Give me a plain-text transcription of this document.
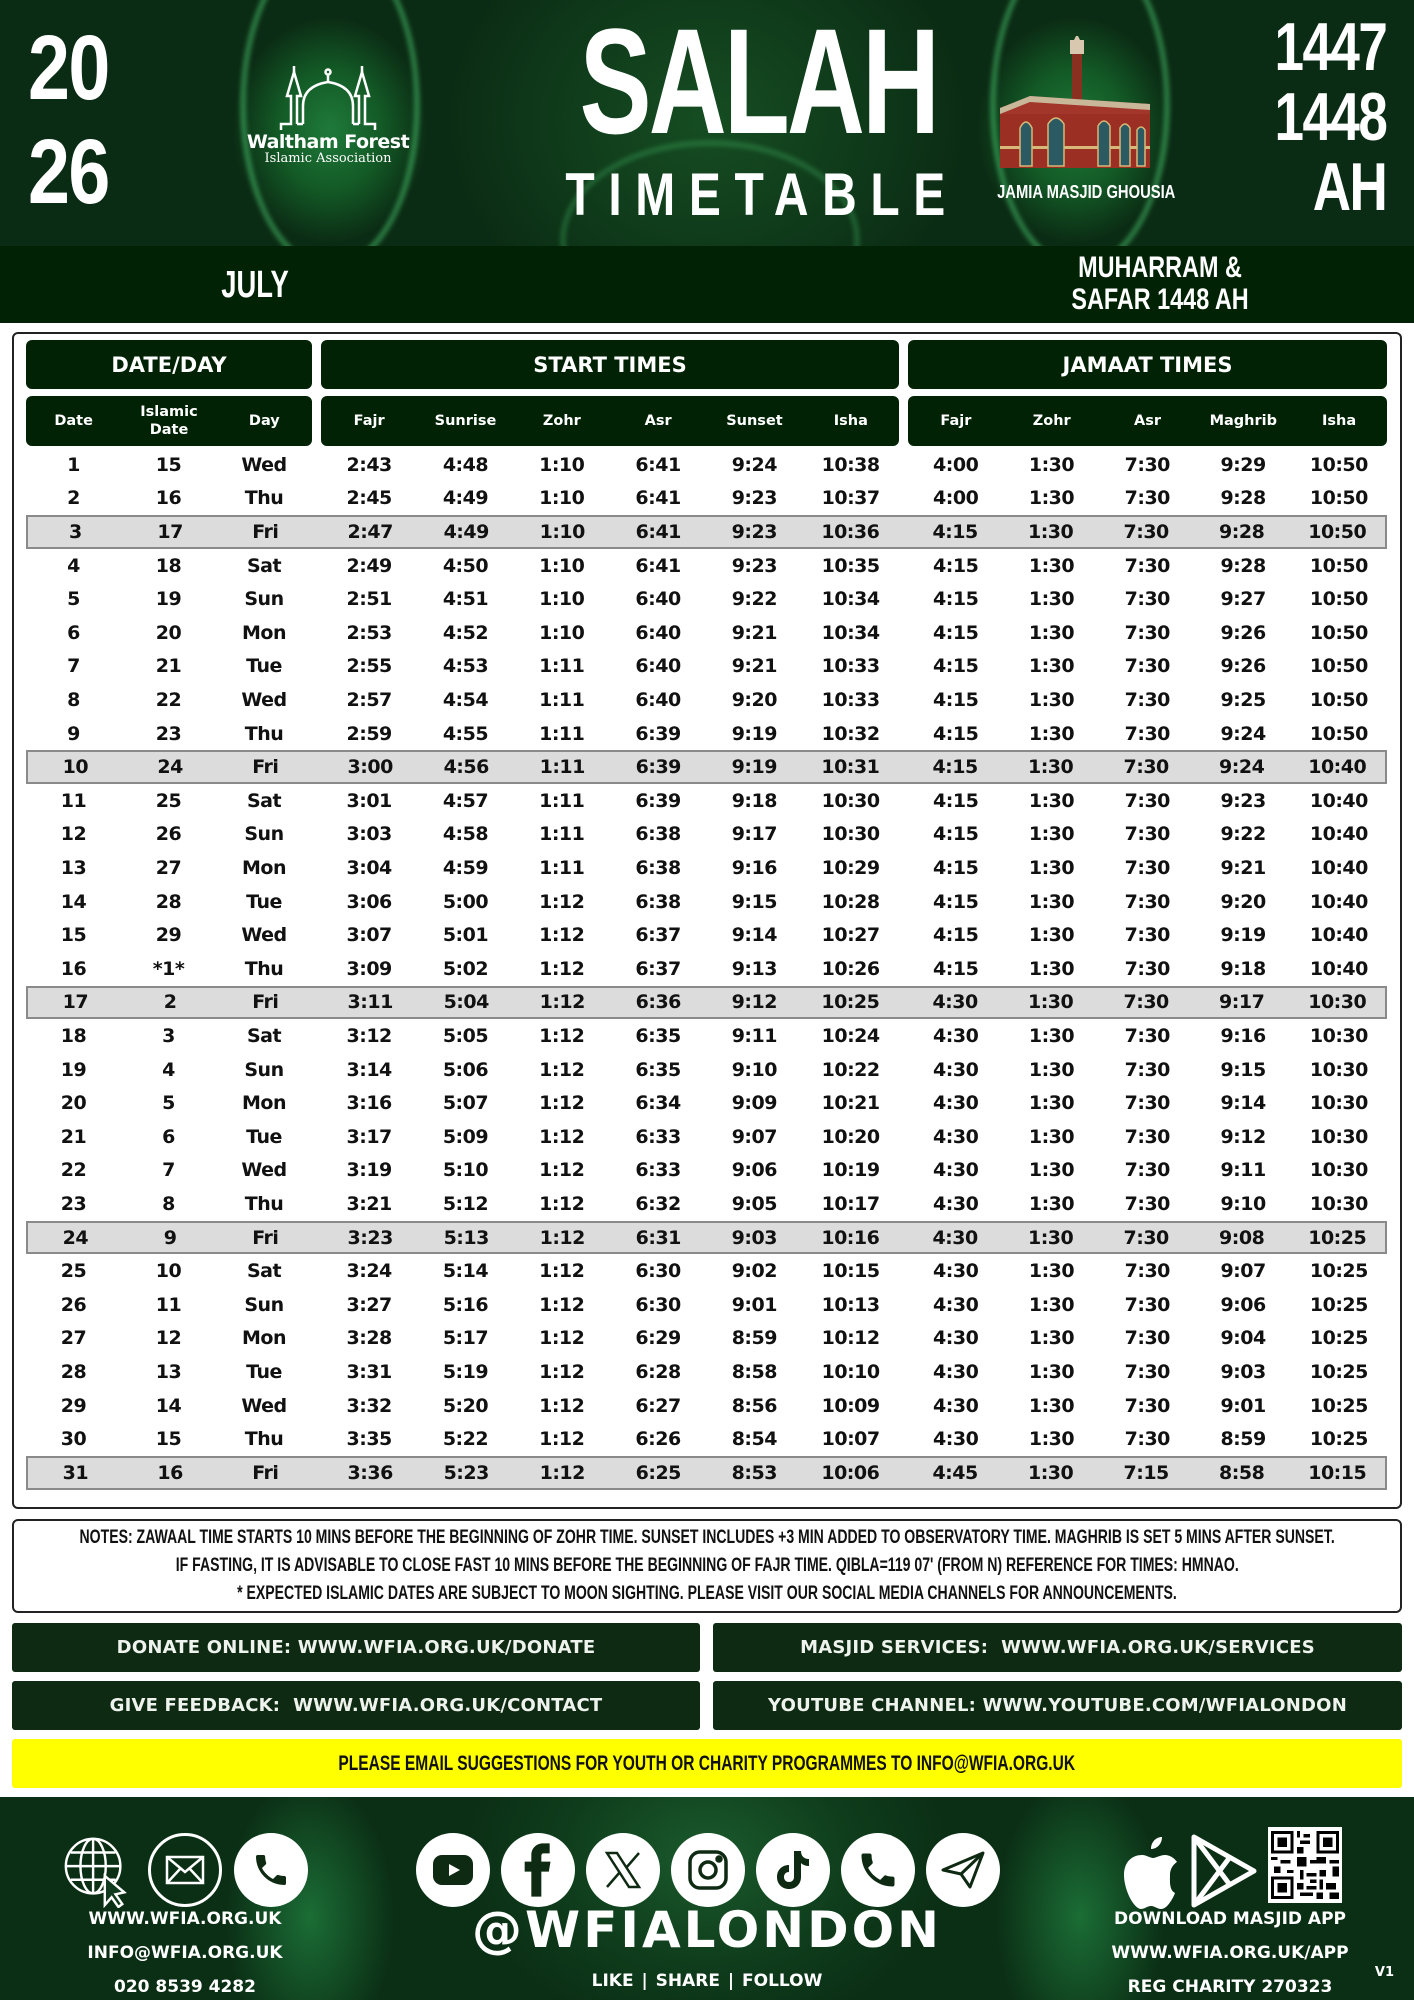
20
26	Waltham Forest
Islamic Association SALAH
TIMETABLE JAMIA MASJID GHOUSIA
1447
1448
AH
JULY	MUHARRAM &
SAFAR 1448 AH
DATE/DAY	START TIMES	JAMAAT TIMES
Date
Islamic
Date
Day	Fajr	Sunrise	Zohr	Asr	Sunset	Isha	Fajr	Zohr	Asr	Maghrib	Isha
1	15	Wed	2:43	4:48	1:10	6:41	9:24	10:38	4:00	1:30	7:30	9:29	10:50
2	16	Thu	2:45	4:49	1:10	6:41	9:23	10:37	4:00	1:30	7:30	9:28	10:50
3	17	Fri	2:47	4:49	1:10	6:41	9:23	10:36	4:15	1:30	7:30	9:28	10:50
4	18	Sat	2:49	4:50	1:10	6:41	9:23	10:35	4:15	1:30	7:30	9:28	10:50
5	19	Sun	2:51	4:51	1:10	6:40	9:22	10:34	4:15	1:30	7:30	9:27	10:50
6	20	Mon	2:53	4:52	1:10	6:40	9:21	10:34	4:15	1:30	7:30	9:26	10:50
7	21	Tue	2:55	4:53	1:11	6:40	9:21	10:33	4:15	1:30	7:30	9:26	10:50
8	22	Wed	2:57	4:54	1:11	6:40	9:20	10:33	4:15	1:30	7:30	9:25	10:50
9	23	Thu	2:59	4:55	1:11	6:39	9:19	10:32	4:15	1:30	7:30	9:24	10:50
10	24	Fri	3:00	4:56	1:11	6:39	9:19	10:31	4:15	1:30	7:30	9:24	10:40
11	25	Sat	3:01	4:57	1:11	6:39	9:18	10:30	4:15	1:30	7:30	9:23	10:40
12	26	Sun	3:03	4:58	1:11	6:38	9:17	10:30	4:15	1:30	7:30	9:22	10:40
13	27	Mon	3:04	4:59	1:11	6:38	9:16	10:29	4:15	1:30	7:30	9:21	10:40
14	28	Tue	3:06	5:00	1:12	6:38	9:15	10:28	4:15	1:30	7:30	9:20	10:40
15	29	Wed	3:07	5:01	1:12	6:37	9:14	10:27	4:15	1:30	7:30	9:19	10:40
16	*1*	Thu	3:09	5:02	1:12	6:37	9:13	10:26	4:15	1:30	7:30	9:18	10:40
17	2	Fri	3:11	5:04	1:12	6:36	9:12	10:25	4:30	1:30	7:30	9:17	10:30
18	3	Sat	3:12	5:05	1:12	6:35	9:11	10:24	4:30	1:30	7:30	9:16	10:30
19	4	Sun	3:14	5:06	1:12	6:35	9:10	10:22	4:30	1:30	7:30	9:15	10:30
20	5	Mon	3:16	5:07	1:12	6:34	9:09	10:21	4:30	1:30	7:30	9:14	10:30
21	6	Tue	3:17	5:09	1:12	6:33	9:07	10:20	4:30	1:30	7:30	9:12	10:30
22	7	Wed	3:19	5:10	1:12	6:33	9:06	10:19	4:30	1:30	7:30	9:11	10:30
23	8	Thu	3:21	5:12	1:12	6:32	9:05	10:17	4:30	1:30	7:30	9:10	10:30
24	9	Fri	3:23	5:13	1:12	6:31	9:03	10:16	4:30	1:30	7:30	9:08	10:25
25	10	Sat	3:24	5:14	1:12	6:30	9:02	10:15	4:30	1:30	7:30	9:07	10:25
26	11	Sun	3:27	5:16	1:12	6:30	9:01	10:13	4:30	1:30	7:30	9:06	10:25
27	12	Mon	3:28	5:17	1:12	6:29	8:59	10:12	4:30	1:30	7:30	9:04	10:25
28	13	Tue	3:31	5:19	1:12	6:28	8:58	10:10	4:30	1:30	7:30	9:03	10:25
29	14	Wed	3:32	5:20	1:12	6:27	8:56	10:09	4:30	1:30	7:30	9:01	10:25
30	15	Thu	3:35	5:22	1:12	6:26	8:54	10:07	4:30	1:30	7:30	8:59	10:25
31	16	Fri	3:36	5:23	1:12	6:25	8:53	10:06	4:45	1:30	7:15	8:58	10:15
NOTES: ZAWAAL TIME STARTS 10 MINS BEFORE THE BEGINNING OF ZOHR TIME. SUNSET INCLUDES +3 MIN ADDED TO OBSERVATORY TIME. MAGHRIB IS SET 5 MINS AFTER SUNSET.
IF FASTING, IT IS ADVISABLE TO CLOSE FAST 10 MINS BEFORE THE BEGINNING OF FAJR TIME. QIBLA=119 07' (FROM N) REFERENCE FOR TIMES: HMNAO.
* EXPECTED ISLAMIC DATES ARE SUBJECT TO MOON SIGHTING. PLEASE VISIT OUR SOCIAL MEDIA CHANNELS FOR ANNOUNCEMENTS.
DONATE ONLINE: WWW.WFIA.ORG.UK/DONATE	MASJID SERVICES:  WWW.WFIA.ORG.UK/SERVICES
GIVE FEEDBACK:  WWW.WFIA.ORG.UK/CONTACT	YOUTUBE CHANNEL: WWW.YOUTUBE.COM/WFIALONDON
PLEASE EMAIL SUGGESTIONS FOR YOUTH OR CHARITY PROGRAMMES TO INFO@WFIA.ORG.UK
WWW.WFIA.ORG.UK
INFO@WFIA.ORG.UK
020 8539 4282
@WFIALONDON
LIKE | SHARE | FOLLOW
DOWNLOAD MASJID APP
WWW.WFIA.ORG.UK/APP
REG CHARITY 270323
V1
